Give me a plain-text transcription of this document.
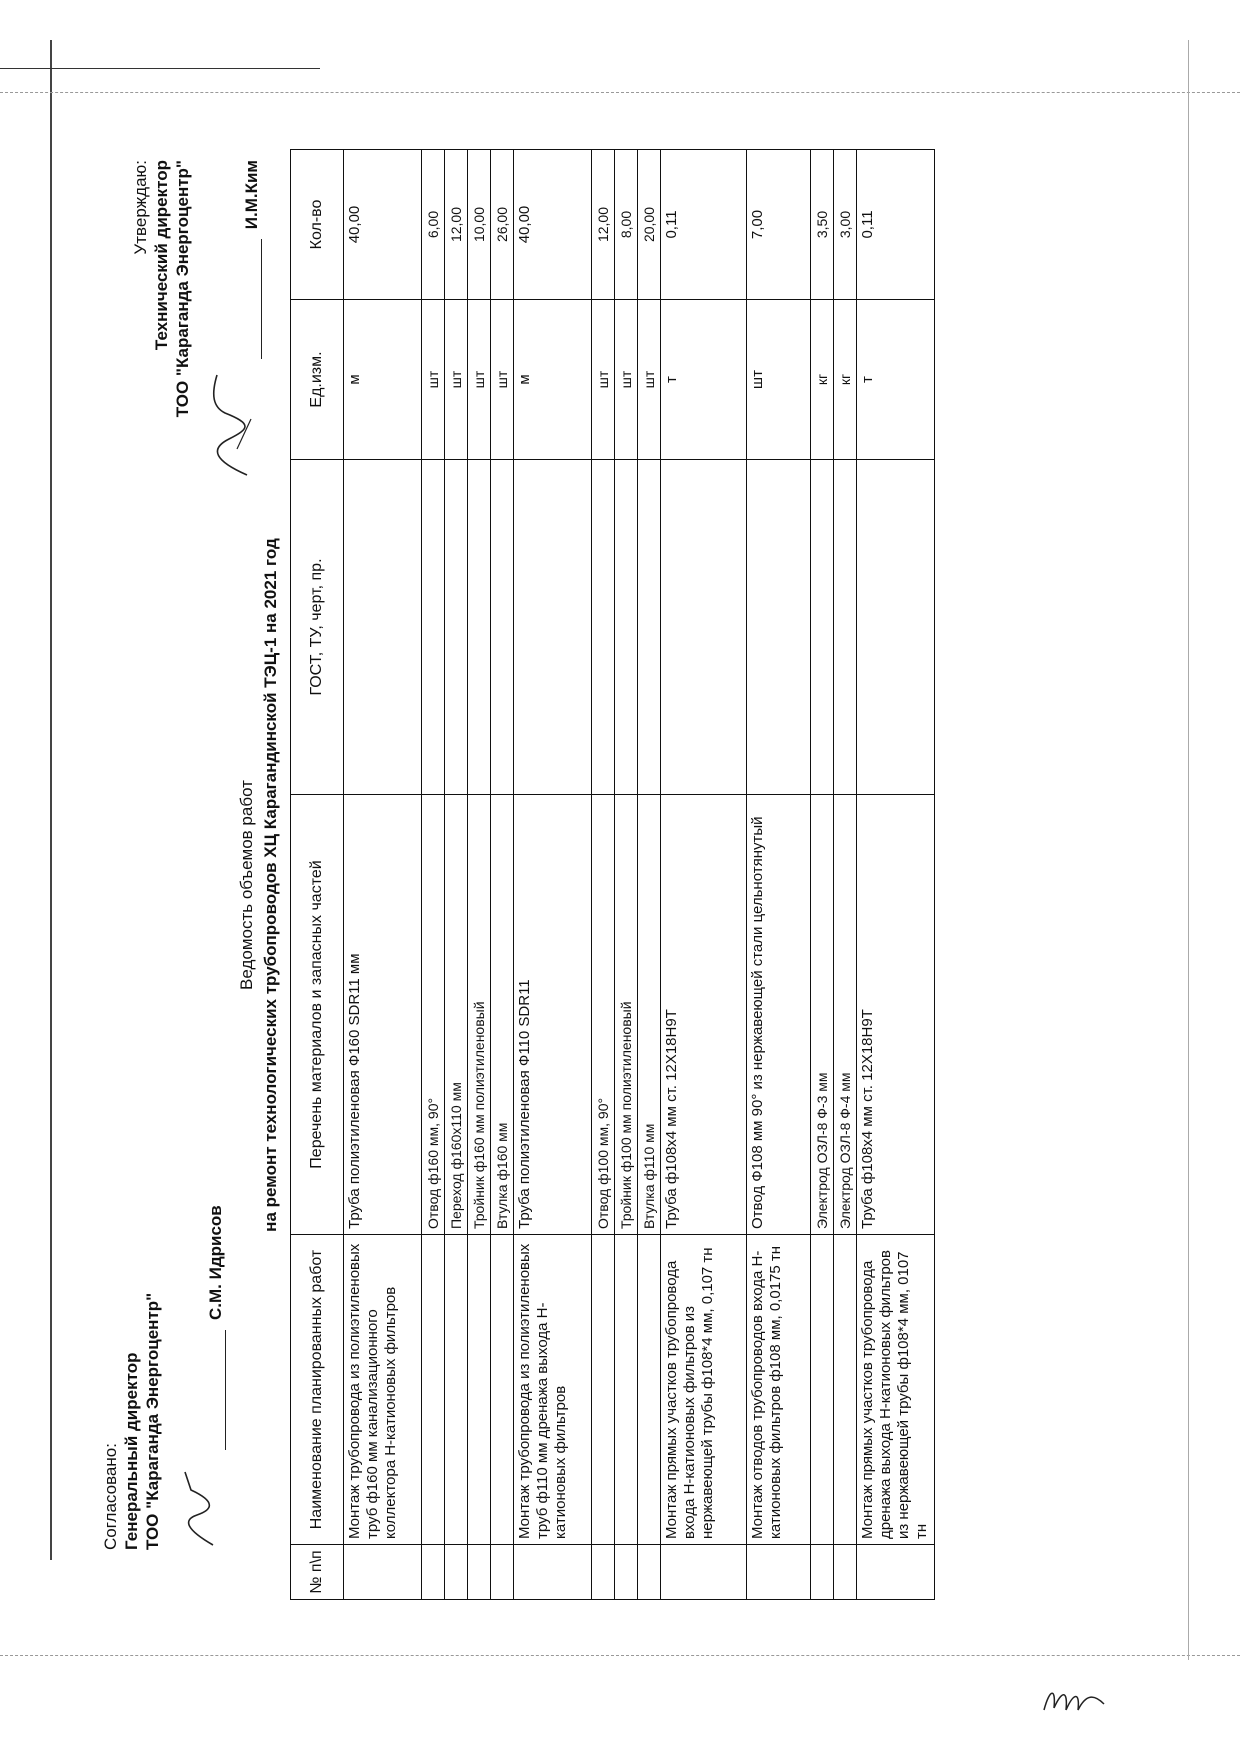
Согласовано: Генеральный директор ТОО "Караганда Энергоцентр"
С.М. Идрисов
Утверждаю: Технический директор ТОО "Караганда Энергоцентр"	И.М.Ким
Ведомость объемов работ на ремонт технологических трубопроводов ХЦ Карагандинской ТЭЦ-1 на 2021 год
№ п\п	Наименование планированных работ	Перечень материалов и запасных частей	ГОСТ, ТУ, черт, пр.	Ед.изм.	Кол-во
	Монтаж трубопровода из полиэтиленовых труб ф160 мм канализационного коллектора Н-катионовых фильтров	Труба полиэтиленовая Ф160 SDR11 мм		м	40,00
		Отвод ф160 мм, 90°		шт	6,00
		Переход ф160х110 мм		шт	12,00
		Тройник ф160 мм полиэтиленовый		шт	10,00
		Втулка ф160 мм		шт	26,00
	Монтаж трубопровода из полиэтиленовых труб ф110 мм дренажа выхода Н-катионовых фильтров	Труба полиэтиленовая Ф110 SDR11		м	40,00
		Отвод ф100 мм, 90°		шт	12,00
		Тройник ф100 мм полиэтиленовый		шт	8,00
		Втулка ф110 мм		шт	20,00
	Монтаж прямых участков трубопровода входа Н-катионовых фильтров из нержавеющей трубы ф108*4 мм, 0,107 тн	Труба ф108х4 мм ст. 12Х18Н9Т		т	0,11
	Монтаж отводов трубопроводов входа Н-катионовых фильтров ф108 мм, 0,0175 тн	Отвод Ф108 мм 90° из нержавеющей стали цельнотянутый		шт	7,00
		Электрод ОЗЛ-8 Ф-3 мм		кг	3,50
		Электрод ОЗЛ-8 Ф-4 мм		кг	3,00
	Монтаж прямых участков трубопровода дренажа выхода Н-катионовых фильтров из нержавеющей трубы ф108*4 мм, 0107 тн	Труба ф108х4 мм ст. 12Х18Н9Т		т	0,11
